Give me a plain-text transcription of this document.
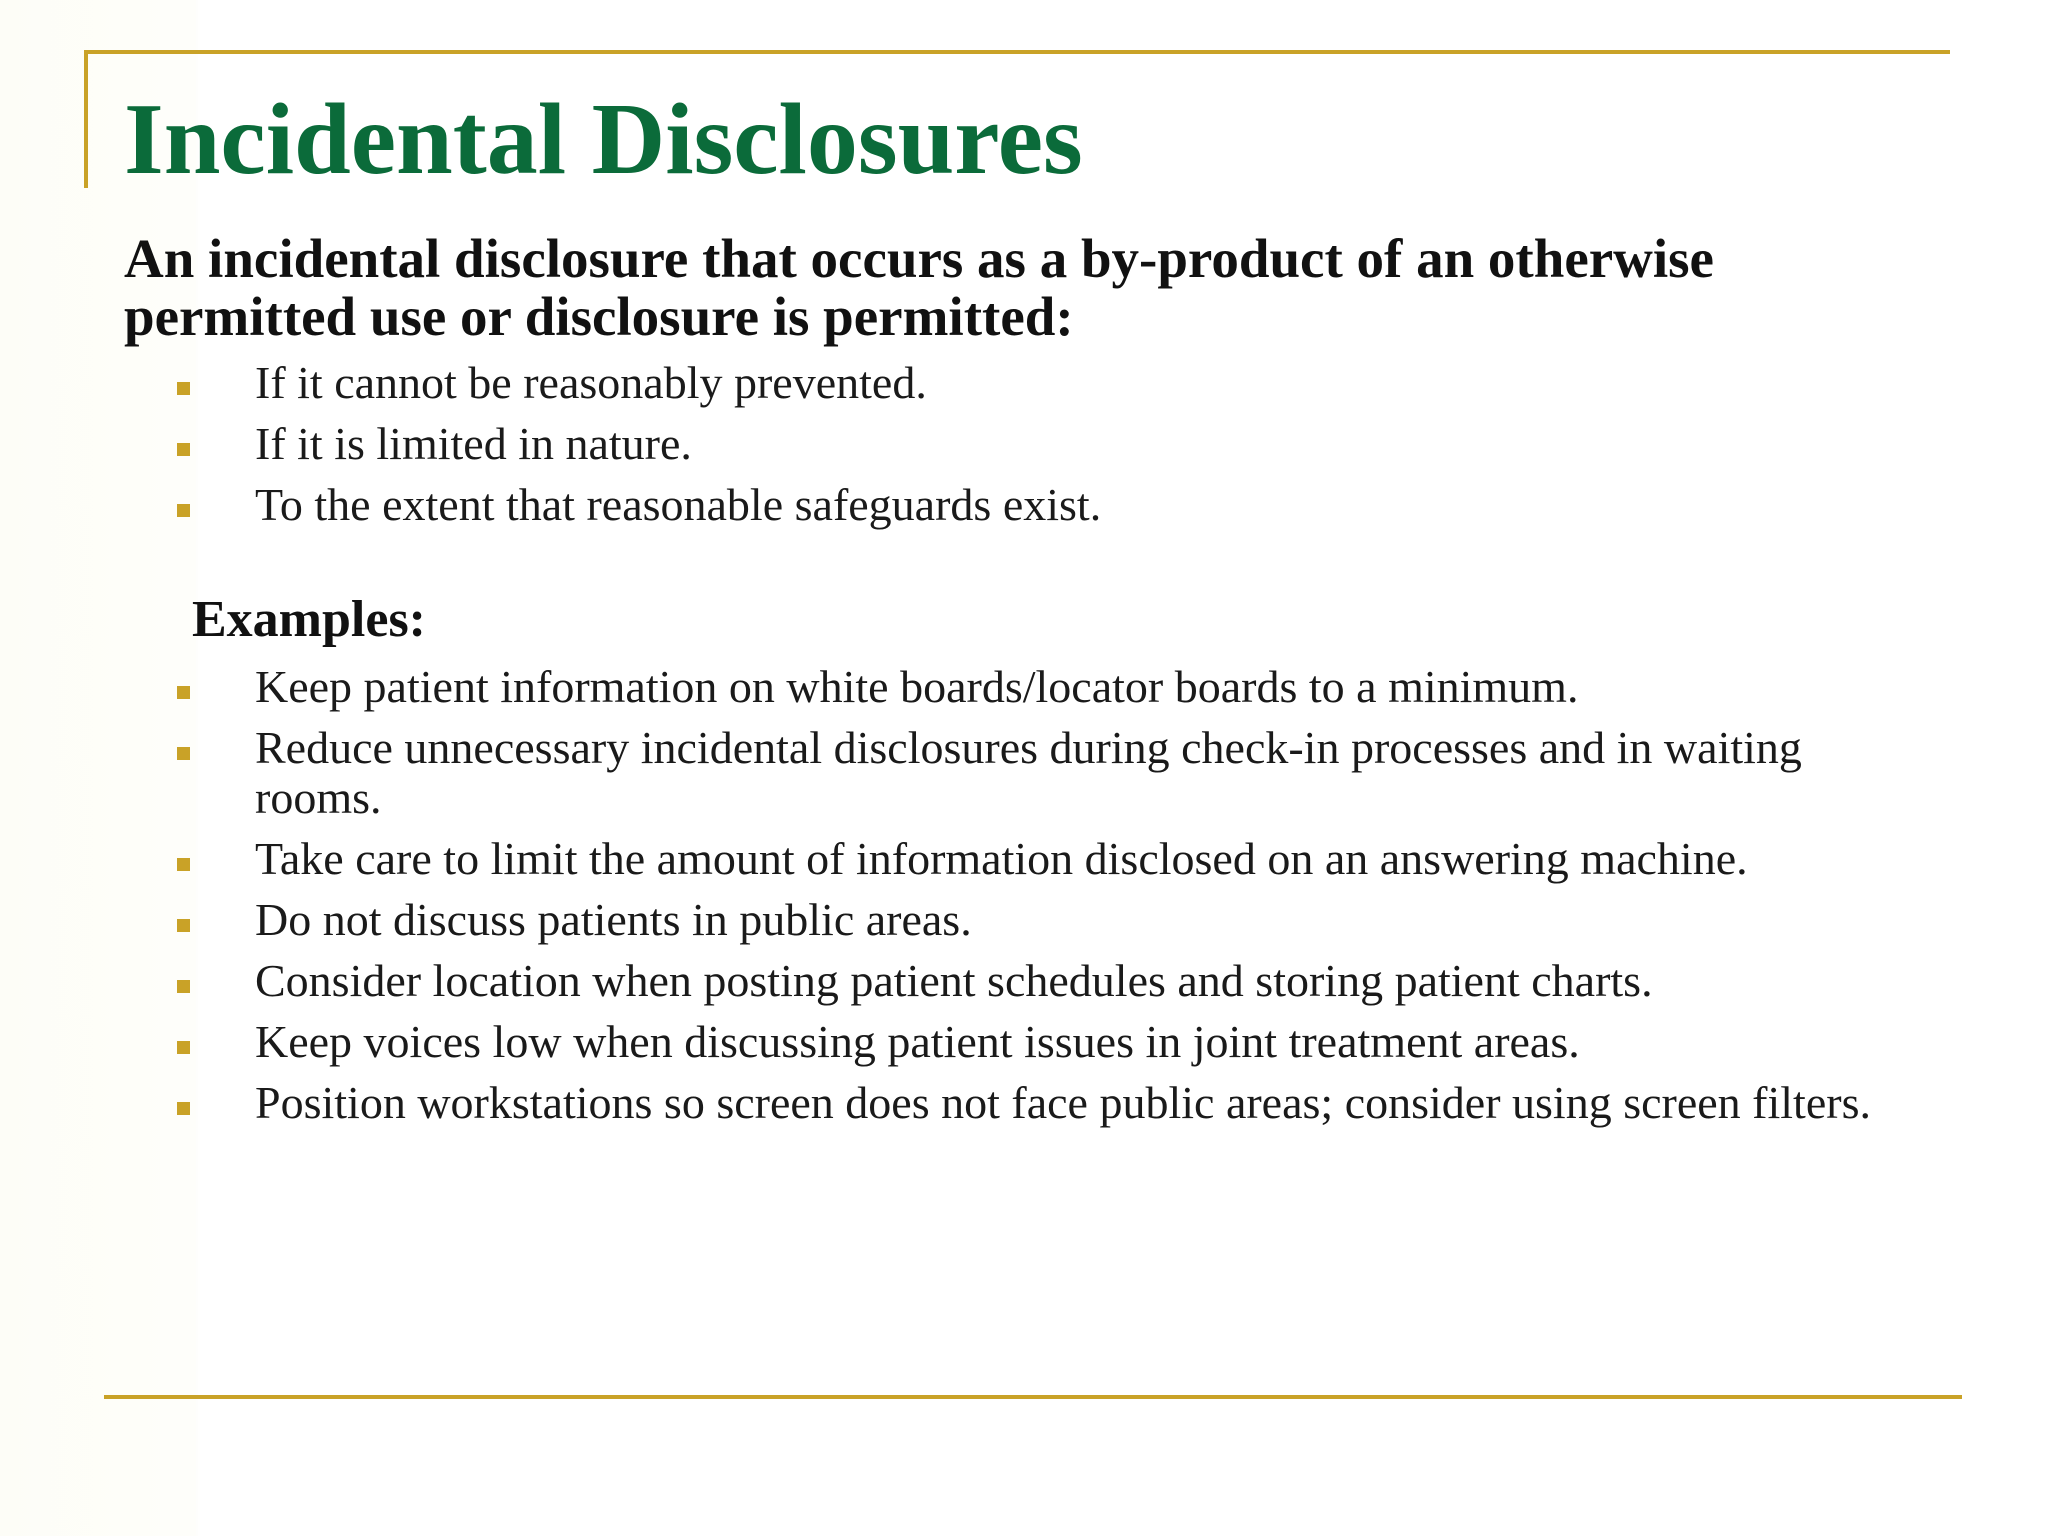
Incidental Disclosures

An incidental disclosure that occurs as a by-product of an otherwise permitted use or disclosure is permitted:

If it cannot be reasonably prevented.
If it is limited in nature.
To the extent that reasonable safeguards exist.
Examples:
Keep patient information on white boards/locator boards to a minimum.
Reduce unnecessary incidental disclosures during check-in processes and in waiting rooms.
Take care to limit the amount of information disclosed on an answering machine.
Do not discuss patients in public areas.
Consider location when posting patient schedules and storing patient charts.
Keep voices low when discussing patient issues in joint treatment areas.
Position workstations so screen does not face public areas; consider using screen filters.
